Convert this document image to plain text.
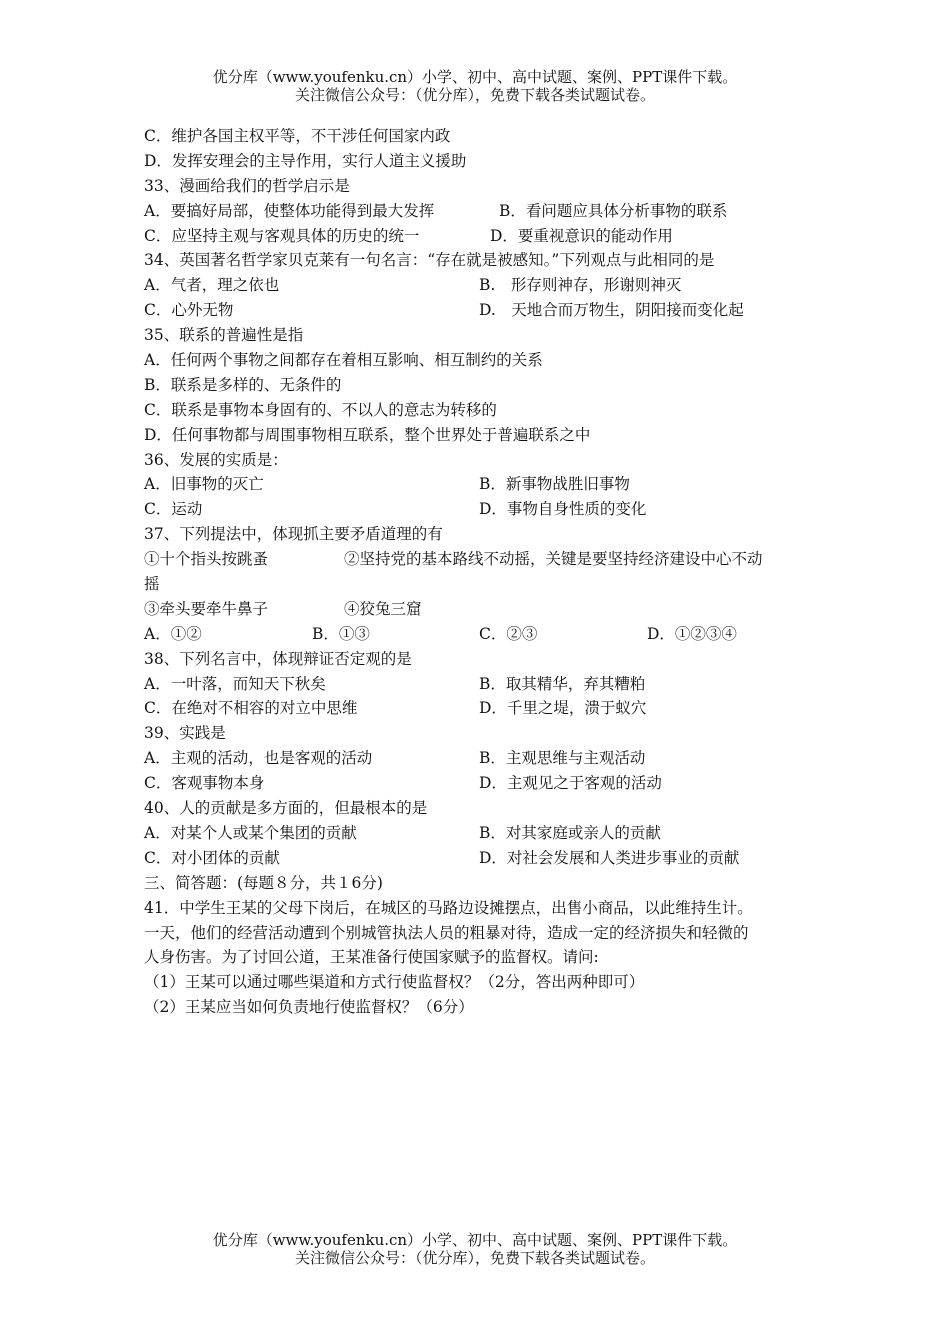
优分库（www.youfenku.cn）小学、初中、高中试题、案例、PPT课件下载。
关注微信公众号：（优分库），免费下载各类试题试卷。
C．维护各国主权平等，不干涉任何国家内政
D．发挥安理会的主导作用，实行人道主义援助
33、漫画给我们的哲学启示是
A．要搞好局部，使整体功能得到最大发挥	B．看问题应具体分析事物的联系
C．应坚持主观与客观具体的历史的统一	D．要重视意识的能动作用
34、英国著名哲学家贝克莱有一句名言：“存在就是被感知。”下列观点与此相同的是
A．气者，理之依也	B.　形存则神存，形谢则神灭
C．心外无物	D.　天地合而万物生，阴阳接而变化起
35、联系的普遍性是指
A．任何两个事物之间都存在着相互影响、相互制约的关系
B．联系是多样的、无条件的
C．联系是事物本身固有的、不以人的意志为转移的
D．任何事物都与周围事物相互联系，整个世界处于普遍联系之中
36、发展的实质是：
A．旧事物的灭亡	B．新事物战胜旧事物
C．运动	D．事物自身性质的变化
37、下列提法中，体现抓主要矛盾道理的有
①十个指头按跳蚤	②坚持党的基本路线不动摇，关键是要坚持经济建设中心不动
摇
③牵头要牵牛鼻子	④狡兔三窟
A．①②	B．①③	C．②③	D．①②③④
38、下列名言中，体现辩证否定观的是
A．一叶落，而知天下秋矣	B．取其精华，弃其糟粕
C．在绝对不相容的对立中思维	D．千里之堤，溃于蚁穴
39、实践是
A．主观的活动，也是客观的活动	B．主观思维与主观活动
C．客观事物本身	D．主观见之于客观的活动
40、人的贡献是多方面的，但最根本的是
A．对某个人或某个集团的贡献	B．对其家庭或亲人的贡献
C．对小团体的贡献	D．对社会发展和人类进步事业的贡献
三、简答题：(每题８分，共１6分)
41．中学生王某的父母下岗后，在城区的马路边设摊摆点，出售小商品，以此维持生计。
一天，他们的经营活动遭到个别城管执法人员的粗暴对待，造成一定的经济损失和轻微的
人身伤害。为了讨回公道，王某准备行使国家赋予的监督权。请问:
（1）王某可以通过哪些渠道和方式行使监督权？（2分，答出两种即可）
（2）王某应当如何负责地行使监督权？（6分）
优分库（www.youfenku.cn）小学、初中、高中试题、案例、PPT课件下载。
关注微信公众号：（优分库），免费下载各类试题试卷。
